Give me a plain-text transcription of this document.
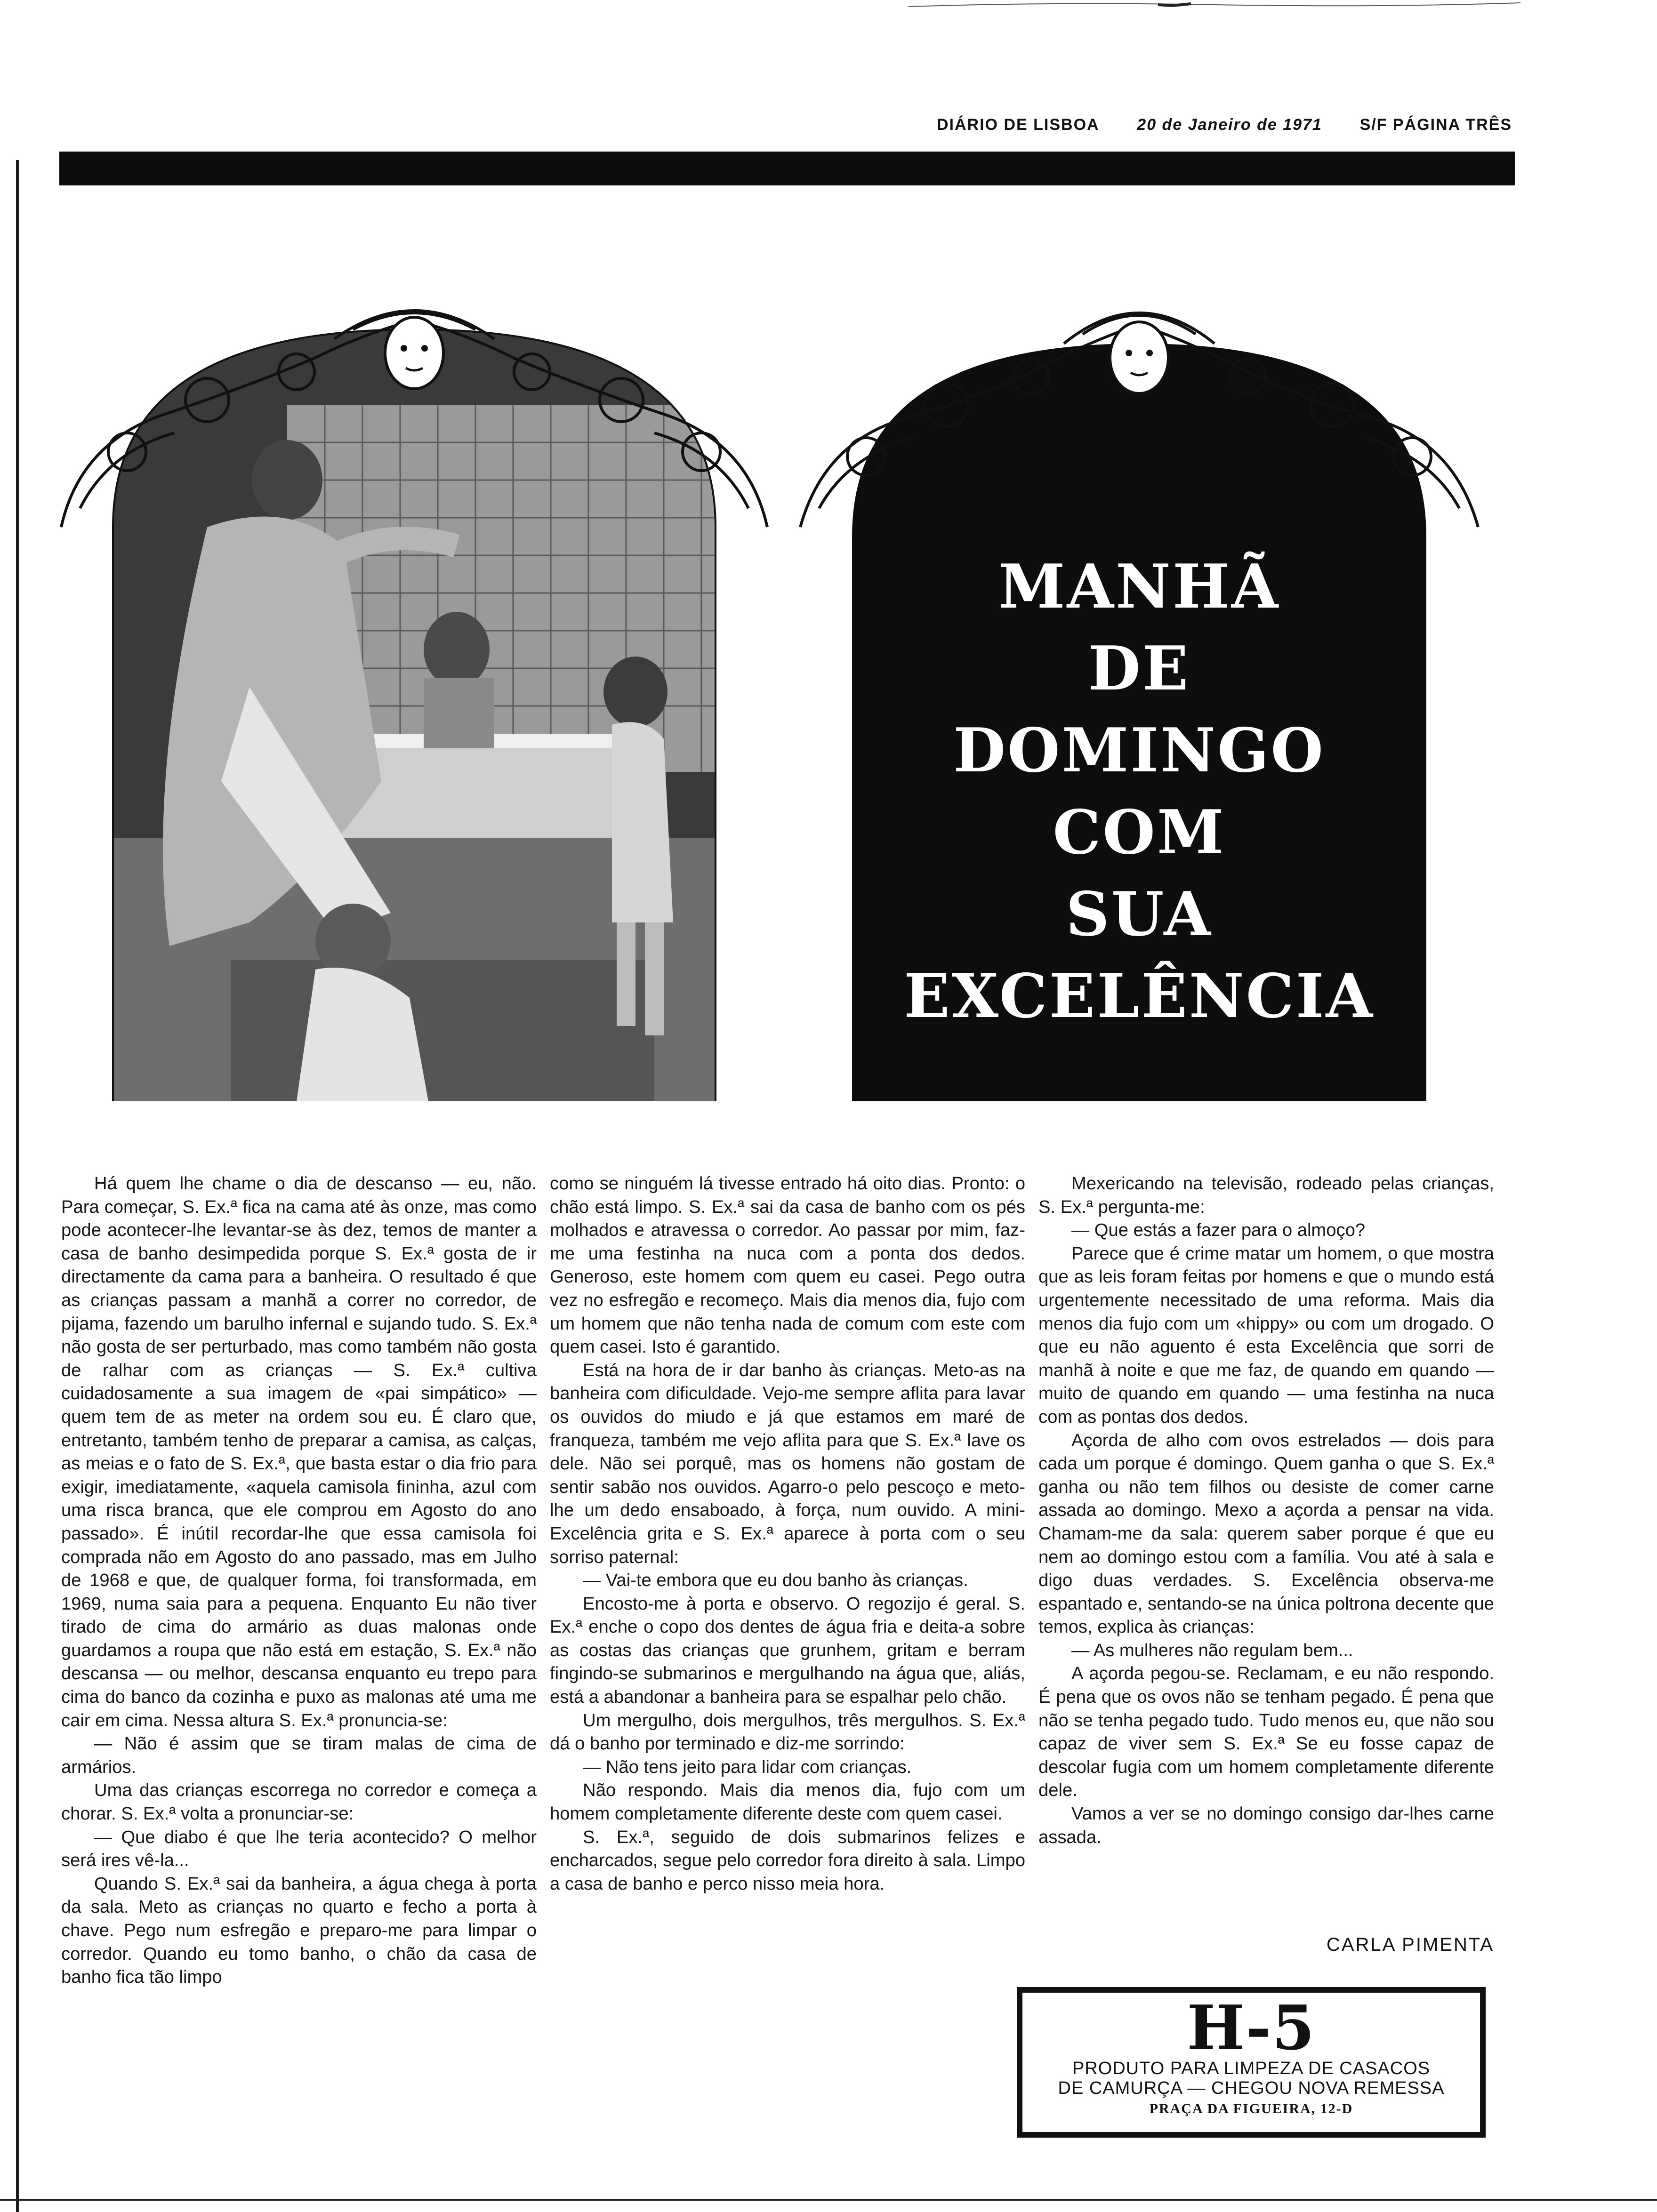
DIÁRIO DE LISBOA 20 de Janeiro de 1971 S/F PÁGINA TRÊS
MANHÃ
DE
DOMINGO
COM
SUA
EXCELÊNCIA

Há quem lhe chame o dia de descanso — eu, não. Para começar, S. Ex.ª fica na cama até às onze, mas como pode acontecer-lhe levantar-se às dez, temos de manter a casa de banho desimpedida porque S. Ex.ª gosta de ir directamente da cama para a banheira. O resultado é que as crianças passam a manhã a correr no corredor, de pijama, fazendo um barulho infernal e sujando tudo. S. Ex.ª não gosta de ser perturbado, mas como também não gosta de ralhar com as crianças — S. Ex.ª cultiva cuidadosamente a sua imagem de «pai simpático» — quem tem de as meter na ordem sou eu. É claro que, entretanto, também tenho de preparar a camisa, as calças, as meias e o fato de S. Ex.ª, que basta estar o dia frio para exigir, imediatamente, «aquela camisola fininha, azul com uma risca branca, que ele comprou em Agosto do ano passado». É inútil recordar-lhe que essa camisola foi comprada não em Agosto do ano passado, mas em Julho de 1968 e que, de qualquer forma, foi transformada, em 1969, numa saia para a pequena. Enquanto Eu não tiver tirado de cima do armário as duas malonas onde guardamos a roupa que não está em estação, S. Ex.ª não descansa — ou melhor, descansa enquanto eu trepo para cima do banco da cozinha e puxo as malonas até uma me cair em cima. Nessa altura S. Ex.ª pronuncia-se:

— Não é assim que se tiram malas de cima de armários.

Uma das crianças escorrega no corredor e começa a chorar. S. Ex.ª volta a pronunciar-se:

— Que diabo é que lhe teria acontecido? O melhor será ires vê-la...

Quando S. Ex.ª sai da banheira, a água chega à porta da sala. Meto as crianças no quarto e fecho a porta à chave. Pego num esfregão e preparo-me para limpar o corredor. Quando eu tomo banho, o chão da casa de banho fica tão limpo

como se ninguém lá tivesse entrado há oito dias. Pronto: o chão está limpo. S. Ex.ª sai da casa de banho com os pés molhados e atravessa o corredor. Ao passar por mim, faz-me uma festinha na nuca com a ponta dos dedos. Generoso, este homem com quem eu casei. Pego outra vez no esfregão e recomeço. Mais dia menos dia, fujo com um homem que não tenha nada de comum com este com quem casei. Isto é garantido.

Está na hora de ir dar banho às crianças. Meto-as na banheira com dificuldade. Vejo-me sempre aflita para lavar os ouvidos do miudo e já que estamos em maré de franqueza, também me vejo aflita para que S. Ex.ª lave os dele. Não sei porquê, mas os homens não gostam de sentir sabão nos ouvidos. Agarro-o pelo pescoço e meto-lhe um dedo ensaboado, à força, num ouvido. A mini-Excelência grita e S. Ex.ª aparece à porta com o seu sorriso paternal:

— Vai-te embora que eu dou banho às crianças.

Encosto-me à porta e observo. O regozijo é geral. S. Ex.ª enche o copo dos dentes de água fria e deita-a sobre as costas das crianças que grunhem, gritam e berram fingindo-se submarinos e mergulhando na água que, aliás, está a abandonar a banheira para se espalhar pelo chão.

Um mergulho, dois mergulhos, três mergulhos. S. Ex.ª dá o banho por terminado e diz-me sorrindo:

— Não tens jeito para lidar com crianças.

Não respondo. Mais dia menos dia, fujo com um homem completamente diferente deste com quem casei.

S. Ex.ª, seguido de dois submarinos felizes e encharcados, segue pelo corredor fora direito à sala. Limpo a casa de banho e perco nisso meia hora.

Mexericando na televisão, rodeado pelas crianças, S. Ex.ª pergunta-me:

— Que estás a fazer para o almoço?

Parece que é crime matar um homem, o que mostra que as leis foram feitas por homens e que o mundo está urgentemente necessitado de uma reforma. Mais dia menos dia fujo com um «hippy» ou com um drogado. O que eu não aguento é esta Excelência que sorri de manhã à noite e que me faz, de quando em quando — muito de quando em quando — uma festinha na nuca com as pontas dos dedos.

Açorda de alho com ovos estrelados — dois para cada um porque é domingo. Quem ganha o que S. Ex.ª ganha ou não tem filhos ou desiste de comer carne assada ao domingo. Mexo a açorda a pensar na vida. Chamam-me da sala: querem saber porque é que eu nem ao domingo estou com a família. Vou até à sala e digo duas verdades. S. Excelência observa-me espantado e, sentando-se na única poltrona decente que temos, explica às crianças:

— As mulheres não regulam bem...

A açorda pegou-se. Reclamam, e eu não respondo. É pena que os ovos não se tenham pegado. É pena que não se tenha pegado tudo. Tudo menos eu, que não sou capaz de viver sem S. Ex.ª Se eu fosse capaz de descolar fugia com um homem completamente diferente dele.

Vamos a ver se no domingo consigo dar-lhes carne assada.

CARLA PIMENTA
H-5
PRODUTO PARA LIMPEZA DE CASACOS
DE CAMURÇA — CHEGOU NOVA REMESSA
PRAÇA DA FIGUEIRA, 12-D
